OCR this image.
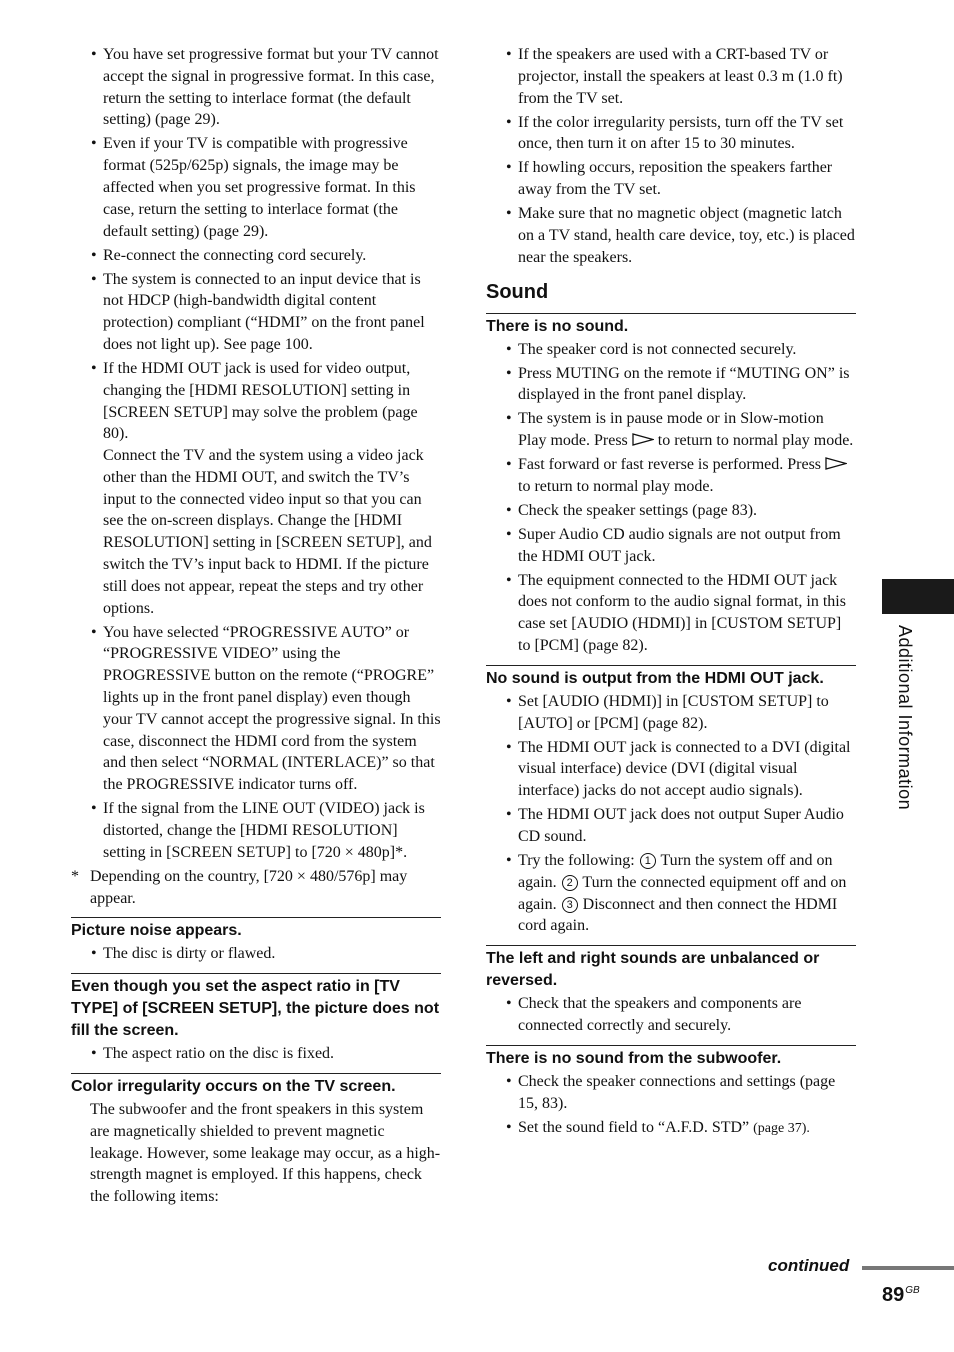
• You have set progressive format but your TV cannot accept the signal in progressive format. In this case, return the setting to interlace format (the default setting) (page 29).
• Even if your TV is compatible with progressive format (525p/625p) signals, the image may be affected when you set progressive format. In this case, return the setting to interlace format (the default setting) (page 29).
• Re-connect the connecting cord securely.
• The system is connected to an input device that is not HDCP (high-bandwidth digital content protection) compliant (“HDMI” on the front panel does not light up). See page 100.

• If the HDMI OUT jack is used for video output, changing the [HDMI RESOLUTION] setting in [SCREEN SETUP] may solve the problem (page 80).

Connect the TV and the system using a video jack other than the HDMI OUT, and switch the TV’s input to the connected video input so that you can see the on-screen displays. Change the [HDMI RESOLUTION] setting in [SCREEN SETUP], and switch the TV’s input back to HDMI. If the picture still does not appear, repeat the steps and try other options.

• You have selected “PROGRESSIVE AUTO” or “PROGRESSIVE VIDEO” using the PROGRESSIVE button on the remote (“PROGRE” lights up in the front panel display) even though your TV cannot accept the progressive signal. In this case, disconnect the HDMI cord from the system and then select “NORMAL (INTERLACE)” so that the PROGRESSIVE indicator turns off.
• If the signal from the LINE OUT (VIDEO) jack is distorted, change the [HDMI RESOLUTION] setting in [SCREEN SETUP] to [720 × 480p]*.
* Depending on the country, [720 × 480/576p] may appear.
Picture noise appears.
• The disc is dirty or flawed.
Even though you set the aspect ratio in [TV TYPE] of [SCREEN SETUP], the picture does not fill the screen.
• The aspect ratio on the disc is fixed.
Color irregularity occurs on the TV screen.

The subwoofer and the front speakers in this system are magnetically shielded to prevent magnetic leakage. However, some leakage may occur, as a high-strength magnet is employed. If this happens, check the following items:

• If the speakers are used with a CRT-based TV or projector, install the speakers at least 0.3 m (1.0 ft) from the TV set.
• If the color irregularity persists, turn off the TV set once, then turn it on after 15 to 30 minutes.
• If howling occurs, reposition the speakers farther away from the TV set.
• Make sure that no magnetic object (magnetic latch on a TV stand, health care device, toy, etc.) is placed near the speakers.
Sound
There is no sound.
• The speaker cord is not connected securely.
• Press MUTING on the remote if “MUTING ON” is displayed in the front panel display.
• The system is in pause mode or in Slow-motion Play mode. Press to return to normal play mode.
• Fast forward or fast reverse is performed. Press
to return to normal play mode.
• Check the speaker settings (page 83).
• Super Audio CD audio signals are not output from the HDMI OUT jack.
• The equipment connected to the HDMI OUT jack does not conform to the audio signal format, in this case set [AUDIO (HDMI)] in [CUSTOM SETUP] to [PCM] (page 82).
No sound is output from the HDMI OUT jack.
• Set [AUDIO (HDMI)] in [CUSTOM SETUP] to [AUTO] or [PCM] (page 82).
• The HDMI OUT jack is connected to a DVI (digital visual interface) device (DVI (digital visual interface) jacks do not accept audio signals).
• The HDMI OUT jack does not output Super Audio CD sound.
• Try the following: 1 Turn the system off and on again. 2 Turn the connected equipment off and on again. 3 Disconnect and then connect the HDMI cord again.
The left and right sounds are unbalanced or reversed.
• Check that the speakers and components are connected correctly and securely.
There is no sound from the subwoofer.
• Check the speaker connections and settings (page 15, 83).
• Set the sound field to “A.F.D. STD” (page 37).
Additional Information
continued
$89^{GB}$
